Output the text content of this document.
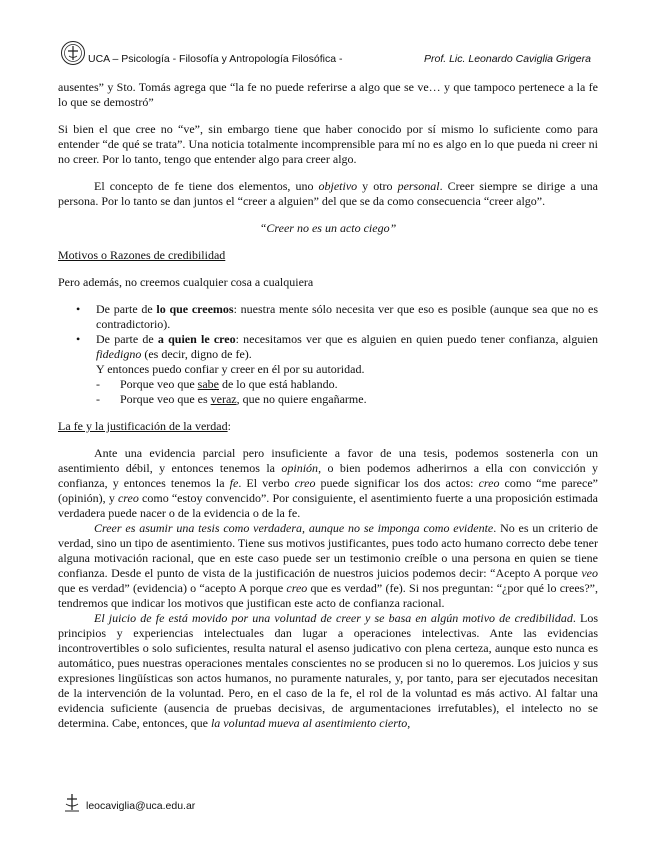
UCA – Psicología - Filosofía y Antropología Filosófica -	Prof. Lic. Leonardo Caviglia Grigera

ausentes” y Sto. Tomás agrega que “la fe no puede referirse a algo que se ve… y que tampoco pertenece a la fe lo que se demostró”

Si bien el que cree no “ve”, sin embargo tiene que haber conocido por sí mismo lo suficiente como para entender “de qué se trata”. Una noticia totalmente incomprensible para mí no es algo en lo que pueda ni creer ni no creer. Por lo tanto, tengo que entender algo para creer algo.

El concepto de fe tiene dos elementos, uno objetivo y otro personal. Creer siempre se dirige a una persona. Por lo tanto se dan juntos el “creer a alguien” del que se da como consecuencia “creer algo”.

“Creer no es un acto ciego”

Motivos o Razones de credibilidad

Pero además, no creemos cualquier cosa a cualquiera

• De parte de lo que creemos: nuestra mente sólo necesita ver que eso es posible (aunque sea que no es contradictorio).
• De parte de a quien le creo: necesitamos ver que es alguien en quien puedo tener confianza, alguien fidedigno (es decir, digno de fe).

Y entonces puedo confiar y creer en él por su autoridad.

- Porque veo que sabe de lo que está hablando.

- Porque veo que es veraz, que no quiere engañarme.

La fe y la justificación de la verdad:

Ante una evidencia parcial pero insuficiente a favor de una tesis, podemos sostenerla con un asentimiento débil, y entonces tenemos la opinión, o bien podemos adherirnos a ella con convicción y confianza, y entonces tenemos la fe. El verbo creo puede significar los dos actos: creo como “me parece” (opinión), y creo como “estoy convencido”. Por consiguiente, el asentimiento fuerte a una proposición estimada verdadera puede nacer o de la evidencia o de la fe.

Creer es asumir una tesis como verdadera, aunque no se imponga como evidente. No es un criterio de verdad, sino un tipo de asentimiento. Tiene sus motivos justificantes, pues todo acto humano correcto debe tener alguna motivación racional, que en este caso puede ser un testimonio creíble o una persona en quien se tiene confianza. Desde el punto de vista de la justificación de nuestros juicios podemos decir: “Acepto A porque veo que es verdad” (evidencia) o “acepto A porque creo que es verdad” (fe). Si nos preguntan: “¿por qué lo crees?”, tendremos que indicar los motivos que justifican este acto de confianza racional.

El juicio de fe está movido por una voluntad de creer y se basa en algún motivo de credibilidad. Los principios y experiencias intelectuales dan lugar a operaciones intelectivas. Ante las evidencias incontrovertibles o solo suficientes, resulta natural el asenso judicativo con plena certeza, aunque esto nunca es automático, pues nuestras operaciones mentales conscientes no se producen si no lo queremos. Los juicios y sus expresiones lingüísticas son actos humanos, no puramente naturales, y, por tanto, para ser ejecutados necesitan de la intervención de la voluntad. Pero, en el caso de la fe, el rol de la voluntad es más activo. Al faltar una evidencia suficiente (ausencia de pruebas decisivas, de argumentaciones irrefutables), el intelecto no se determina. Cabe, entonces, que la voluntad mueva al asentimiento cierto,

leocaviglia@uca.edu.ar
